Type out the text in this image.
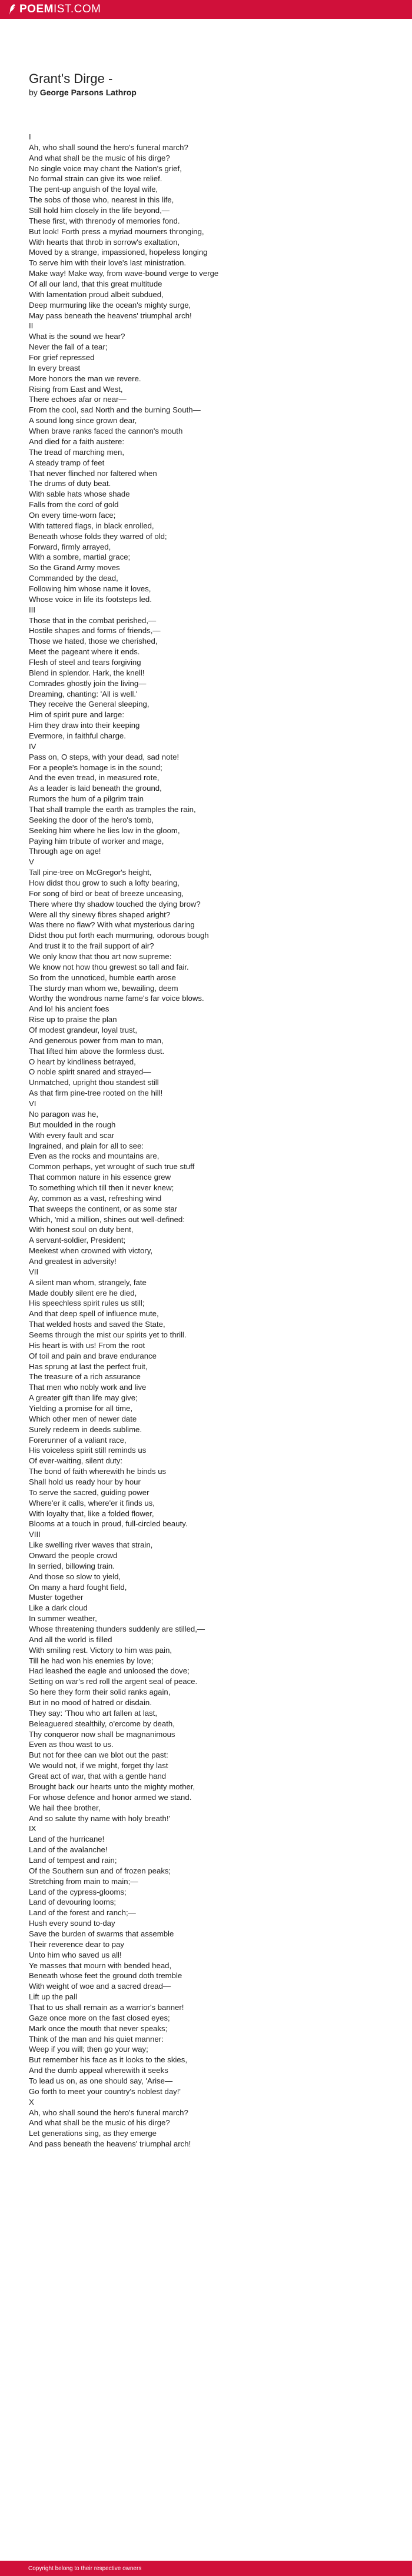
POEMIST.COM
Grant's Dirge -
by George Parsons Lathrop
I
Ah, who shall sound the hero's funeral march?
And what shall be the music of his dirge?
No single voice may chant the Nation's grief,
No formal strain can give its woe relief.
The pent-up anguish of the loyal wife,
The sobs of those who, nearest in this life,
Still hold him closely in the life beyond,—
These first, with threnody of memories fond.
But look! Forth press a myriad mourners thronging,
With hearts that throb in sorrow's exaltation,
Moved by a strange, impassioned, hopeless longing
To serve him with their love's last ministration.
Make way! Make way, from wave-bound verge to verge
Of all our land, that this great multitude
With lamentation proud albeit subdued,
Deep murmuring like the ocean's mighty surge,
May pass beneath the heavens' triumphal arch!
II
What is the sound we hear?
Never the fall of a tear;
For grief repressed
In every breast
More honors the man we revere.
Rising from East and West,
There echoes afar or near—
From the cool, sad North and the burning South—
A sound long since grown dear,
When brave ranks faced the cannon's mouth
And died for a faith austere:
The tread of marching men,
A steady tramp of feet
That never flinched nor faltered when
The drums of duty beat.
With sable hats whose shade
Falls from the cord of gold
On every time-worn face;
With tattered flags, in black enrolled,
Beneath whose folds they warred of old;
Forward, firmly arrayed,
With a sombre, martial grace;
So the Grand Army moves
Commanded by the dead,
Following him whose name it loves,
Whose voice in life its footsteps led.
III
Those that in the combat perished,—
Hostile shapes and forms of friends,—
Those we hated, those we cherished,
Meet the pageant where it ends.
Flesh of steel and tears forgiving
Blend in splendor. Hark, the knell!
Comrades ghostly join the living—
Dreaming, chanting: 'All is well.'
They receive the General sleeping,
Him of spirit pure and large:
Him they draw into their keeping
Evermore, in faithful charge.
IV
Pass on, O steps, with your dead, sad note!
For a people's homage is in the sound;
And the even tread, in measured rote,
As a leader is laid beneath the ground,
Rumors the hum of a pilgrim train
That shall trample the earth as tramples the rain,
Seeking the door of the hero's tomb,
Seeking him where he lies low in the gloom,
Paying him tribute of worker and mage,
Through age on age!
V
Tall pine-tree on McGregor's height,
How didst thou grow to such a lofty bearing,
For song of bird or beat of breeze unceasing,
There where thy shadow touched the dying brow?
Were all thy sinewy fibres shaped aright?
Was there no flaw? With what mysterious daring
Didst thou put forth each murmuring, odorous bough
And trust it to the frail support of air?
We only know that thou art now supreme:
We know not how thou grewest so tall and fair.
So from the unnoticed, humble earth arose
The sturdy man whom we, bewailing, deem
Worthy the wondrous name fame's far voice blows.
And lo! his ancient foes
Rise up to praise the plan
Of modest grandeur, loyal trust,
And generous power from man to man,
That lifted him above the formless dust.
O heart by kindliness betrayed,
O noble spirit snared and strayed—
Unmatched, upright thou standest still
As that firm pine-tree rooted on the hill!
VI
No paragon was he,
But moulded in the rough
With every fault and scar
Ingrained, and plain for all to see:
Even as the rocks and mountains are,
Common perhaps, yet wrought of such true stuff
That common nature in his essence grew
To something which till then it never knew;
Ay, common as a vast, refreshing wind
That sweeps the continent, or as some star
Which, 'mid a million, shines out well-defined:
With honest soul on duty bent,
A servant-soldier, President;
Meekest when crowned with victory,
And greatest in adversity!
VII
A silent man whom, strangely, fate
Made doubly silent ere he died,
His speechless spirit rules us still;
And that deep spell of influence mute,
That welded hosts and saved the State,
Seems through the mist our spirits yet to thrill.
His heart is with us! From the root
Of toil and pain and brave endurance
Has sprung at last the perfect fruit,
The treasure of a rich assurance
That men who nobly work and live
A greater gift than life may give;
Yielding a promise for all time,
Which other men of newer date
Surely redeem in deeds sublime.
Forerunner of a valiant race,
His voiceless spirit still reminds us
Of ever-waiting, silent duty:
The bond of faith wherewith he binds us
Shall hold us ready hour by hour
To serve the sacred, guiding power
Where'er it calls, where'er it finds us,
With loyalty that, like a folded flower,
Blooms at a touch in proud, full-circled beauty.
VIII
Like swelling river waves that strain,
Onward the people crowd
In serried, billowing train.
And those so slow to yield,
On many a hard fought field,
Muster together
Like a dark cloud
In summer weather,
Whose threatening thunders suddenly are stilled,—
And all the world is filled
With smiling rest. Victory to him was pain,
Till he had won his enemies by love;
Had leashed the eagle and unloosed the dove;
Setting on war's red roll the argent seal of peace.
So here they form their solid ranks again,
But in no mood of hatred or disdain.
They say: 'Thou who art fallen at last,
Beleaguered stealthily, o'ercome by death,
Thy conqueror now shall be magnanimous
Even as thou wast to us.
But not for thee can we blot out the past:
We would not, if we might, forget thy last
Great act of war, that with a gentle hand
Brought back our hearts unto the mighty mother,
For whose defence and honor armed we stand.
We hail thee brother,
And so salute thy name with holy breath!'
IX
Land of the hurricane!
Land of the avalanche!
Land of tempest and rain;
Of the Southern sun and of frozen peaks;
Stretching from main to main;—
Land of the cypress-glooms;
Land of devouring looms;
Land of the forest and ranch;—
Hush every sound to-day
Save the burden of swarms that assemble
Their reverence dear to pay
Unto him who saved us all!
Ye masses that mourn with bended head,
Beneath whose feet the ground doth tremble
With weight of woe and a sacred dread—
Lift up the pall
That to us shall remain as a warrior's banner!
Gaze once more on the fast closed eyes;
Mark once the mouth that never speaks;
Think of the man and his quiet manner:
Weep if you will; then go your way;
But remember his face as it looks to the skies,
And the dumb appeal wherewith it seeks
To lead us on, as one should say, 'Arise—
Go forth to meet your country's noblest day!'
X
Ah, who shall sound the hero's funeral march?
And what shall be the music of his dirge?
Let generations sing, as they emerge
And pass beneath the heavens' triumphal arch!
Copyright belong to their respective owners
